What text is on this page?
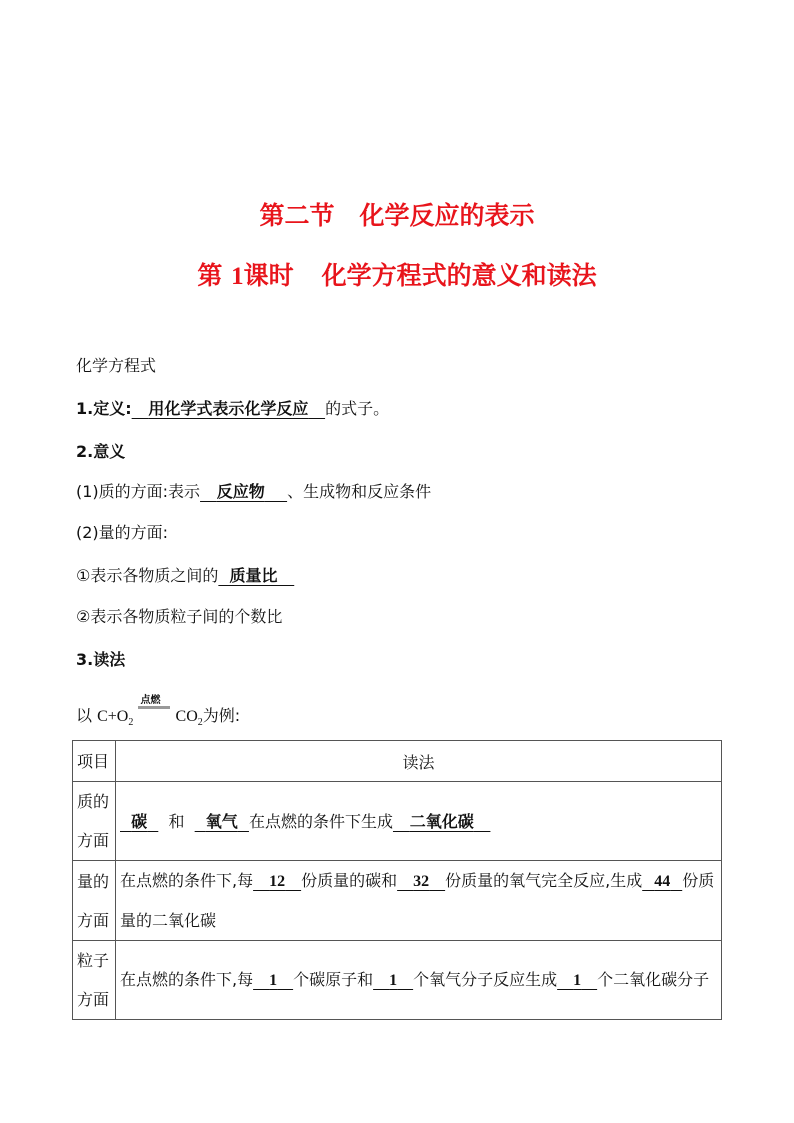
第二节　化学反应的表示
第 1课时 化学方程式的意义和读法
化学方程式
1.定义: 用化学式表示化学反应 的式子。
2.意义
(1)质的方面:表示 反应物 、生成物和反应条件
(2)量的方面:
①表示各物质之间的 质量比
②表示各物质粒子间的个数比
3.读法
以 $C+O_2$
点燃
$CO_2$为例:
项目	读法
质的方面	碳 和 氧气 在点燃的条件下生成 二氧化碳
量的方面	在点燃的条件下,每 12 份质量的碳和 32 份质量的氧气完全反应,生成 44 份质量的二氧化碳
粒子方面	在点燃的条件下,每 1 个碳原子和 1 个氧气分子反应生成 1 个二氧化碳分子
